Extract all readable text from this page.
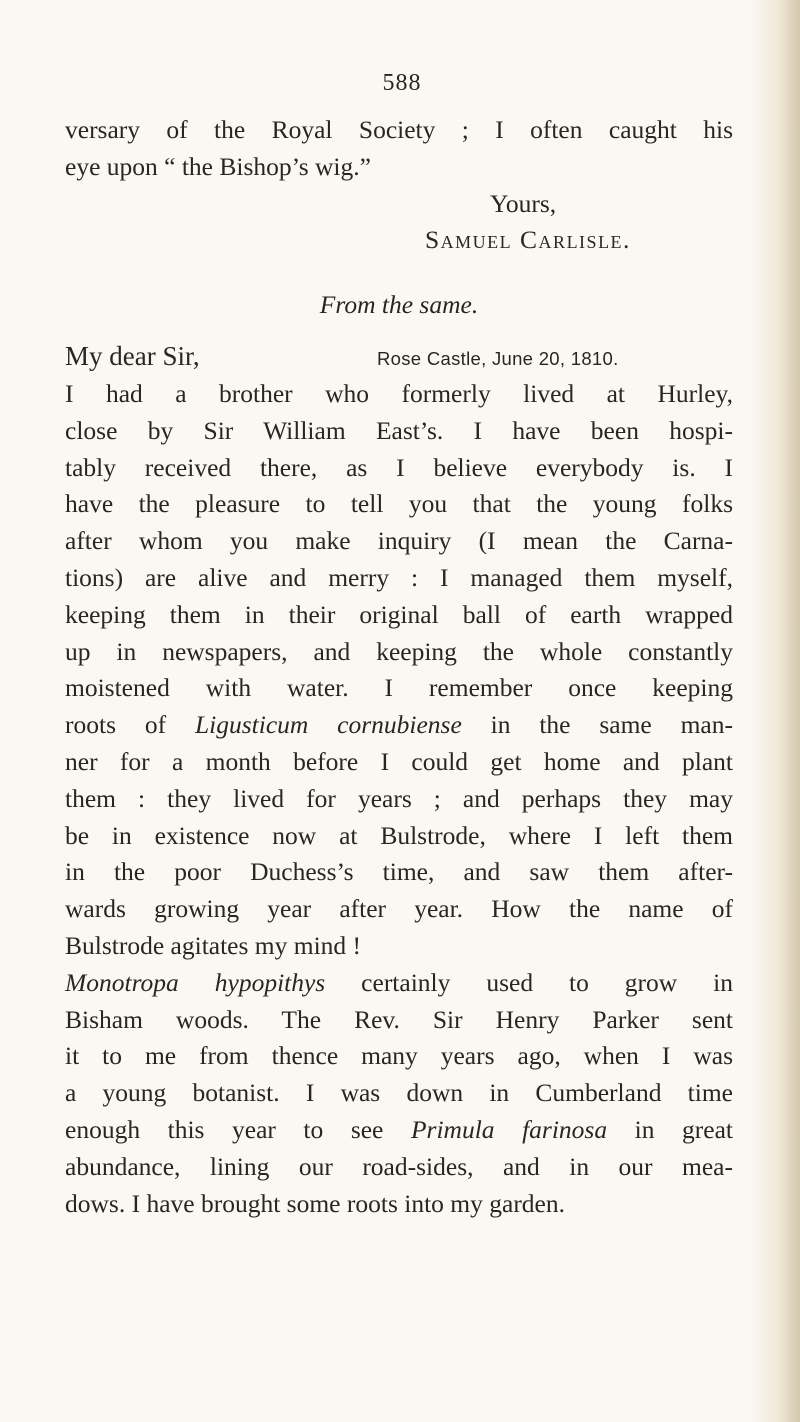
588
versary of the Royal Society ; I often caught his
eye upon “ the Bishop’s wig.”
Yours,
Samuel Carlisle.
From the same.
My dear Sir,	Rose Castle, June 20, 1810.
I had a brother who formerly lived at Hurley,
close by Sir William East’s. I have been hospi-
tably received there, as I believe everybody is. I
have the pleasure to tell you that the young folks
after whom you make inquiry (I mean the Carna-
tions) are alive and merry : I managed them myself,
keeping them in their original ball of earth wrapped
up in newspapers, and keeping the whole constantly
moistened with water. I remember once keeping
roots of Ligusticum cornubiense in the same man-
ner for a month before I could get home and plant
them : they lived for years ; and perhaps they may
be in existence now at Bulstrode, where I left them
in the poor Duchess’s time, and saw them after-
wards growing year after year. How the name of
Bulstrode agitates my mind !
Monotropa hypopithys certainly used to grow in
Bisham woods. The Rev. Sir Henry Parker sent
it to me from thence many years ago, when I was
a young botanist. I was down in Cumberland time
enough this year to see Primula farinosa in great
abundance, lining our road-sides, and in our mea-
dows. I have brought some roots into my garden.
